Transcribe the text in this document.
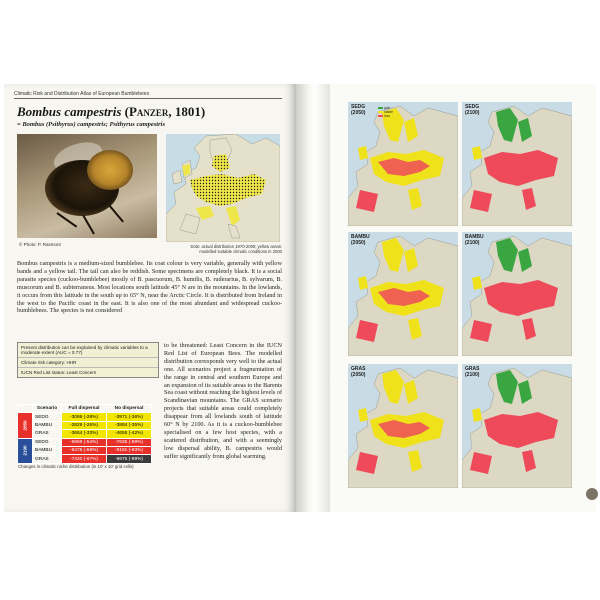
Climatic Risk and Distribution Atlas of European Bumblebees
Bombus campestris (Panzer, 1801)
= Bombus (Psithyrus) campestris; Psithyrus campestris
© Photo: P. Rasmont	Dots: actual distribution 1970-2000; yellow areas:
modelled suitable climatic conditions in 2000

Bombus campestris is a medium-sized bumblebee. Its coat colour is very variable, generally with yellow bands and a yellow tail. The tail can also be reddish. Some specimens are completely black. It is a social parasite species (cuckoo-bumblebee) mostly of B. pascuorum, B. humilis, B. ruderarius, B. sylvarum, B. muscorum and B. subterraneus. Most locations south latitude 45° N are in the mountains. In the lowlands, it occurs from this latitude in the south up to 65° N, near the Arctic Circle. It is distributed from Ireland in the west to the Pacific coast in the east. It is also one of the most abundant and widespread cuckoo-bumblebees. The species is not considered

Present distribution can be explained by climatic variables to a moderate extent (AUC = 0.77)
Climate risk category: HHR
IUCN Red List status: Least Concern
to be threatened: Least Concern in the IUCN Red List of European Bees. The modelled distribution corresponds very well to the actual one. All scenarios project a fragmentation of the range in central and southern Europe and an expansion of its suitable areas to the Barents Sea coast without reaching the highest levels of Scandinavian mountains. The GRAS scenario projects that suitable areas could completely disappear from all lowlands south of latitude 60° N by 2100. As it is a cuckoo-bumblebee specialised on a few host species, with a scattered distribution, and with a seemingly low dispersal ability, B. campestris would suffer significantly from global warming.
	Scenario	Full dispersal	No dispersal
2050	SEDG	-3086 (-28%)	-3971 (-36%)
	BAMBU	-2829 (-26%)	-3884 (-35%)
	GRAS	-3664 (-33%)	-4655 (-42%)
2100	SEDG	-5969 (-54%)	-7635 (-69%)
	BAMBU	-6475 (-59%)	-9191 (-83%)
	GRAS	-7420 (-67%)	-9875 (-89%)
Changes in climatic niche distribution (in 10' x 10' grid cells)
SEDG
(2050)
gain
stable
loss
SEDG
(2100)
BAMBU
(2050)
BAMBU
(2100)
GRAS
(2050)
GRAS
(2100)
